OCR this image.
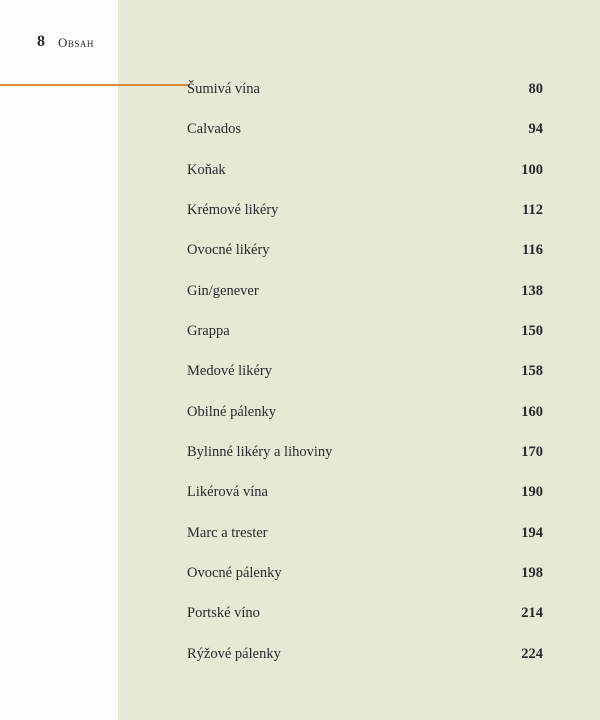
8 Obsah
Šumivá vína	80
Calvados	94
Koňak	100
Krémové likéry	112
Ovocné likéry	116
Gin/genever	138
Grappa	150
Medové likéry	158
Obilné pálenky	160
Bylinné likéry a lihoviny	170
Likérová vína	190
Marc a trester	194
Ovocné pálenky	198
Portské víno	214
Rýžové pálenky	224
